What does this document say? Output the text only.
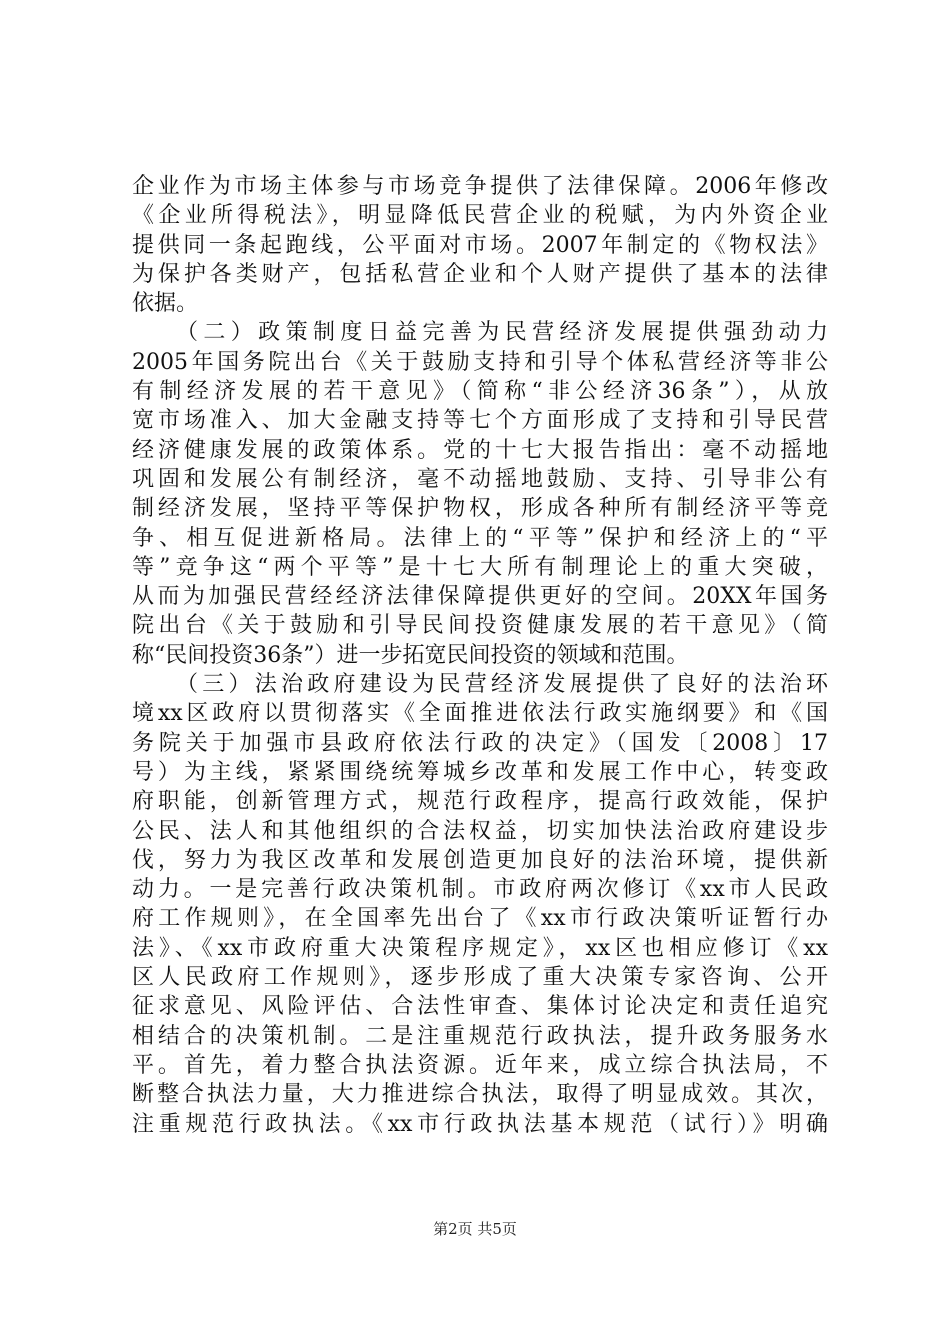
企业作为市场主体参与市场竞争提供了法律保障。2006年修改
《企业所得税法》，明显降低民营企业的税赋，为内外资企业
提供同一条起跑线，公平面对市场。2007年制定的《物权法》
为保护各类财产，包括私营企业和个人财产提供了基本的法律
依据。
（二）政策制度日益完善为民营经济发展提供强劲动力
2005年国务院出台《关于鼓励支持和引导个体私营经济等非公
有制经济发展的若干意见》（简称“非公经济36条”），从放
宽市场准入、加大金融支持等七个方面形成了支持和引导民营
经济健康发展的政策体系。党的十七大报告指出：毫不动摇地
巩固和发展公有制经济，毫不动摇地鼓励、支持、引导非公有
制经济发展，坚持平等保护物权，形成各种所有制经济平等竞
争、相互促进新格局。法律上的“平等”保护和经济上的“平
等”竞争这“两个平等”是十七大所有制理论上的重大突破，
从而为加强民营经经济法律保障提供更好的空间。20XX年国务
院出台《关于鼓励和引导民间投资健康发展的若干意见》（简
称“民间投资36条”）进一步拓宽民间投资的领域和范围。
（三）法治政府建设为民营经济发展提供了良好的法治环
境xx区政府以贯彻落实《全面推进依法行政实施纲要》和《国
务院关于加强市县政府依法行政的决定》（国发〔2008〕17
号）为主线，紧紧围绕统筹城乡改革和发展工作中心，转变政
府职能，创新管理方式，规范行政程序，提高行政效能，保护
公民、法人和其他组织的合法权益，切实加快法治政府建设步
伐，努力为我区改革和发展创造更加良好的法治环境，提供新
动力。一是完善行政决策机制。市政府两次修订《xx市人民政
府工作规则》，在全国率先出台了《xx市行政决策听证暂行办
法》、《xx市政府重大决策程序规定》，xx区也相应修订《xx
区人民政府工作规则》，逐步形成了重大决策专家咨询、公开
征求意见、风险评估、合法性审查、集体讨论决定和责任追究
相结合的决策机制。二是注重规范行政执法，提升政务服务水
平。首先，着力整合执法资源。近年来，成立综合执法局，不
断整合执法力量，大力推进综合执法，取得了明显成效。其次，
注重规范行政执法。《xx市行政执法基本规范（试行）》明确
第2页 共5页
